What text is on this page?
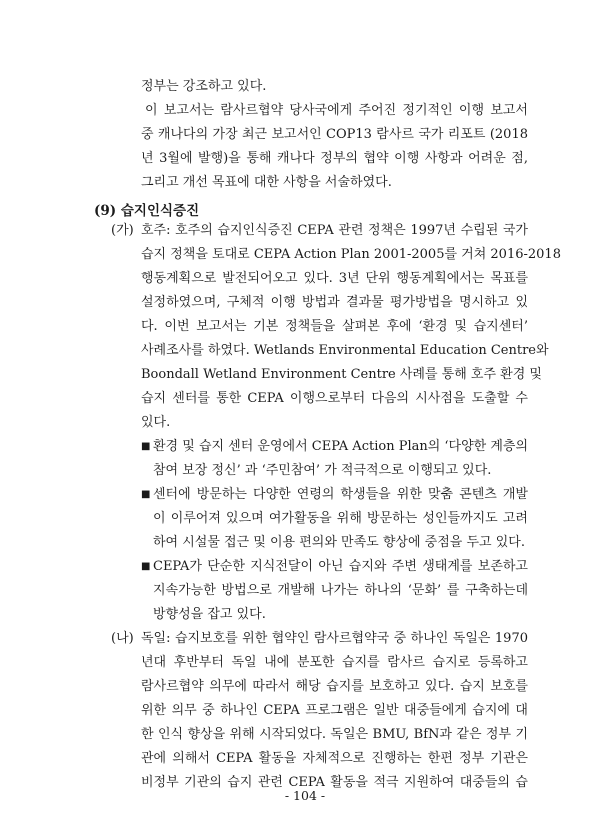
정부는 강조하고 있다.
이 보고서는 람사르협약 당사국에게 주어진 정기적인 이행 보고서
중 캐나다의 가장 최근 보고서인 COP13 람사르 국가 리포트 (2018
년 3월에 발행)을 통해 캐나다 정부의 협약 이행 사항과 어려운 점,
그리고 개선 목표에 대한 사항을 서술하였다.
(9) 습지인식증진
(가) 호주: 호주의 습지인식증진 CEPA 관련 정책은 1997년 수립된 국가
습지 정책을 토대로 CEPA Action Plan 2001-2005를 거쳐 2016-2018
행동계획으로 발전되어오고 있다. 3년 단위 행동계획에서는 목표를
설정하였으며, 구체적 이행 방법과 결과물 평가방법을 명시하고 있
다. 이번 보고서는 기본 정책들을 살펴본 후에 ‘환경 및 습지센터’
사례조사를 하였다. Wetlands Environmental Education Centre와
Boondall Wetland Environment Centre 사례를 통해 호주 환경 및
습지 센터를 통한 CEPA 이행으로부터 다음의 시사점을 도출할 수
있다.
■ 환경 및 습지 센터 운영에서 CEPA Action Plan의 ‘다양한 계층의
참여 보장 정신’ 과 ‘주민참여’ 가 적극적으로 이행되고 있다.
■ 센터에 방문하는 다양한 연령의 학생들을 위한 맞춤 콘텐츠 개발
이 이루어져 있으며 여가활동을 위해 방문하는 성인들까지도 고려
하여 시설물 접근 및 이용 편의와 만족도 향상에 중점을 두고 있다.
■ CEPA가 단순한 지식전달이 아닌 습지와 주변 생태계를 보존하고
지속가능한 방법으로 개발해 나가는 하나의 ‘문화’ 를 구축하는데
방향성을 잡고 있다.
(나) 독일: 습지보호를 위한 협약인 람사르협약국 중 하나인 독일은 1970
년대 후반부터 독일 내에 분포한 습지를 람사르 습지로 등록하고
람사르협약 의무에 따라서 해당 습지를 보호하고 있다. 습지 보호를
위한 의무 중 하나인 CEPA 프로그램은 일반 대중들에게 습지에 대
한 인식 향상을 위해 시작되었다. 독일은 BMU, BfN과 같은 정부 기
관에 의해서 CEPA 활동을 자체적으로 진행하는 한편 정부 기관은
비정부 기관의 습지 관련 CEPA 활동을 적극 지원하여 대중들의 습
- 104 -
